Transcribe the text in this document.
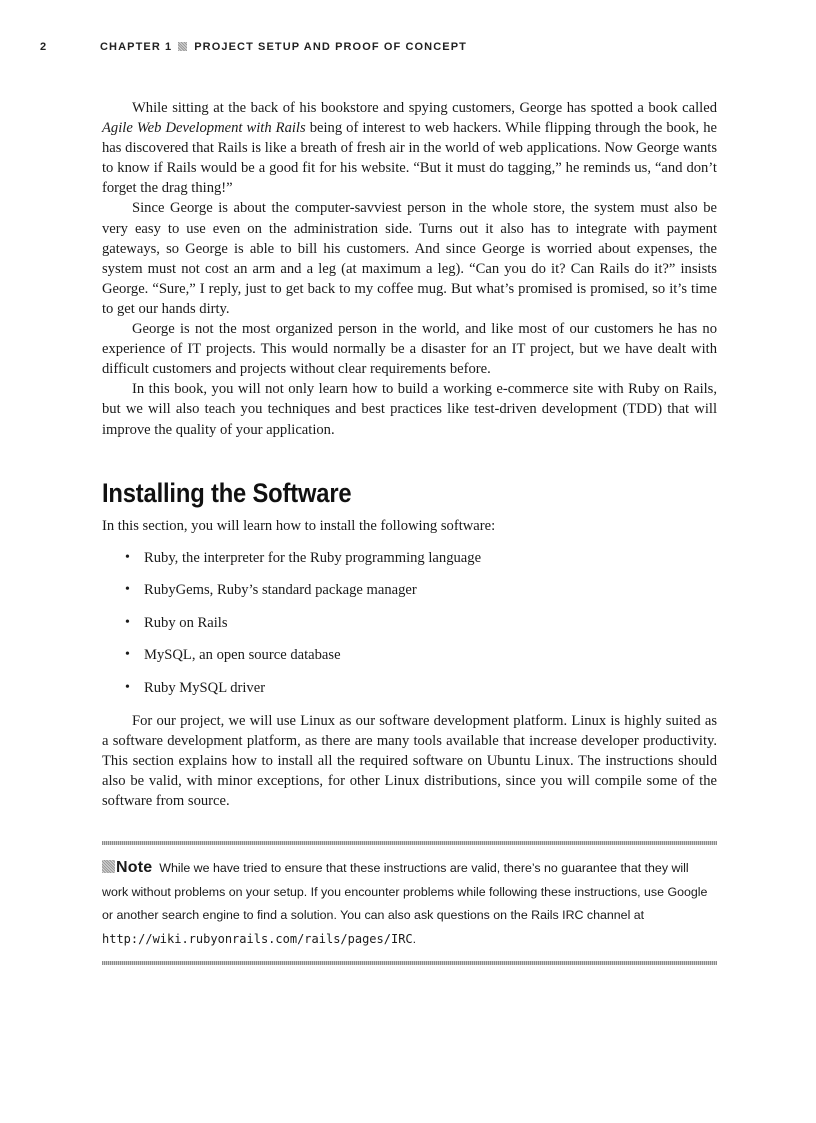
2	CHAPTER 1 PROJECT SETUP AND PROOF OF CONCEPT

While sitting at the back of his bookstore and spying customers, George has spotted a book called Agile Web Development with Rails being of interest to web hackers. While flipping through the book, he has discovered that Rails is like a breath of fresh air in the world of web applications. Now George wants to know if Rails would be a good fit for his website. “But it must do tagging,” he reminds us, “and don’t forget the drag thing!”

Since George is about the computer-savviest person in the whole store, the system must also be very easy to use even on the administration side. Turns out it also has to integrate with payment gateways, so George is able to bill his customers. And since George is worried about expenses, the system must not cost an arm and a leg (at maximum a leg). “Can you do it? Can Rails do it?” insists George. “Sure,” I reply, just to get back to my coffee mug. But what’s promised is promised, so it’s time to get our hands dirty.

George is not the most organized person in the world, and like most of our customers he has no experience of IT projects. This would normally be a disaster for an IT project, but we have dealt with difficult customers and projects without clear requirements before.

In this book, you will not only learn how to build a working e-commerce site with Ruby on Rails, but we will also teach you techniques and best practices like test-driven development (TDD) that will improve the quality of your application.

Installing the Software

In this section, you will learn how to install the following software:

• Ruby, the interpreter for the Ruby programming language
• RubyGems, Ruby’s standard package manager
• Ruby on Rails
• MySQL, an open source database
• Ruby MySQL driver

For our project, we will use Linux as our software development platform. Linux is highly suited as a software development platform, as there are many tools available that increase developer productivity. This section explains how to install all the required software on Ubuntu Linux. The instructions should also be valid, with minor exceptions, for other Linux distributions, since you will compile some of the software from source.

Note While we have tried to ensure that these instructions are valid, there’s no guarantee that they will work without problems on your setup. If you encounter problems while following these instructions, use Google or another search engine to find a solution. You can also ask questions on the Rails IRC channel at http://wiki.rubyonrails.com/rails/pages/IRC.
